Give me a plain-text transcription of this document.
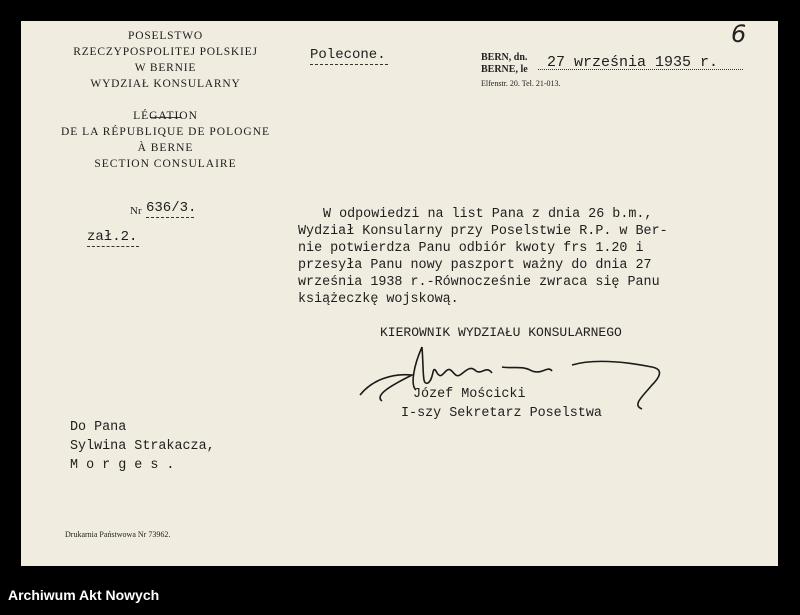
POSELSTWO
RZECZYPOSPOLITEJ POLSKIEJ
W BERNIE
WYDZIAŁ KONSULARNY
LÉGATION
DE LA RÉPUBLIQUE DE POLOGNE
À BERNE
SECTION CONSULAIRE
Nr 636/3.
zał.2.
Polecone.	BERN, dn.
BERNE, le
Elfenstr. 20. Tel. 21-013.
27 września 1935 r.
6
W odpowiedzi na list Pana z dnia 26 b.m.,
Wydział Konsularny przy Poselstwie R.P. w Ber-
nie potwierdza Panu odbiór kwoty frs 1.20 i
przesyła Panu nowy paszport ważny do dnia 27
września 1938 r.-Równocześnie zwraca się Panu
książeczkę wojskową.
KIEROWNIK WYDZIAŁU KONSULARNEGO
Józef Mościcki
I-szy Sekretarz Poselstwa
Do Pana
Sylwina Strakacza,
M o r g e s .
Drukarnia Państwowa Nr 73962.
Archiwum Akt Nowych
